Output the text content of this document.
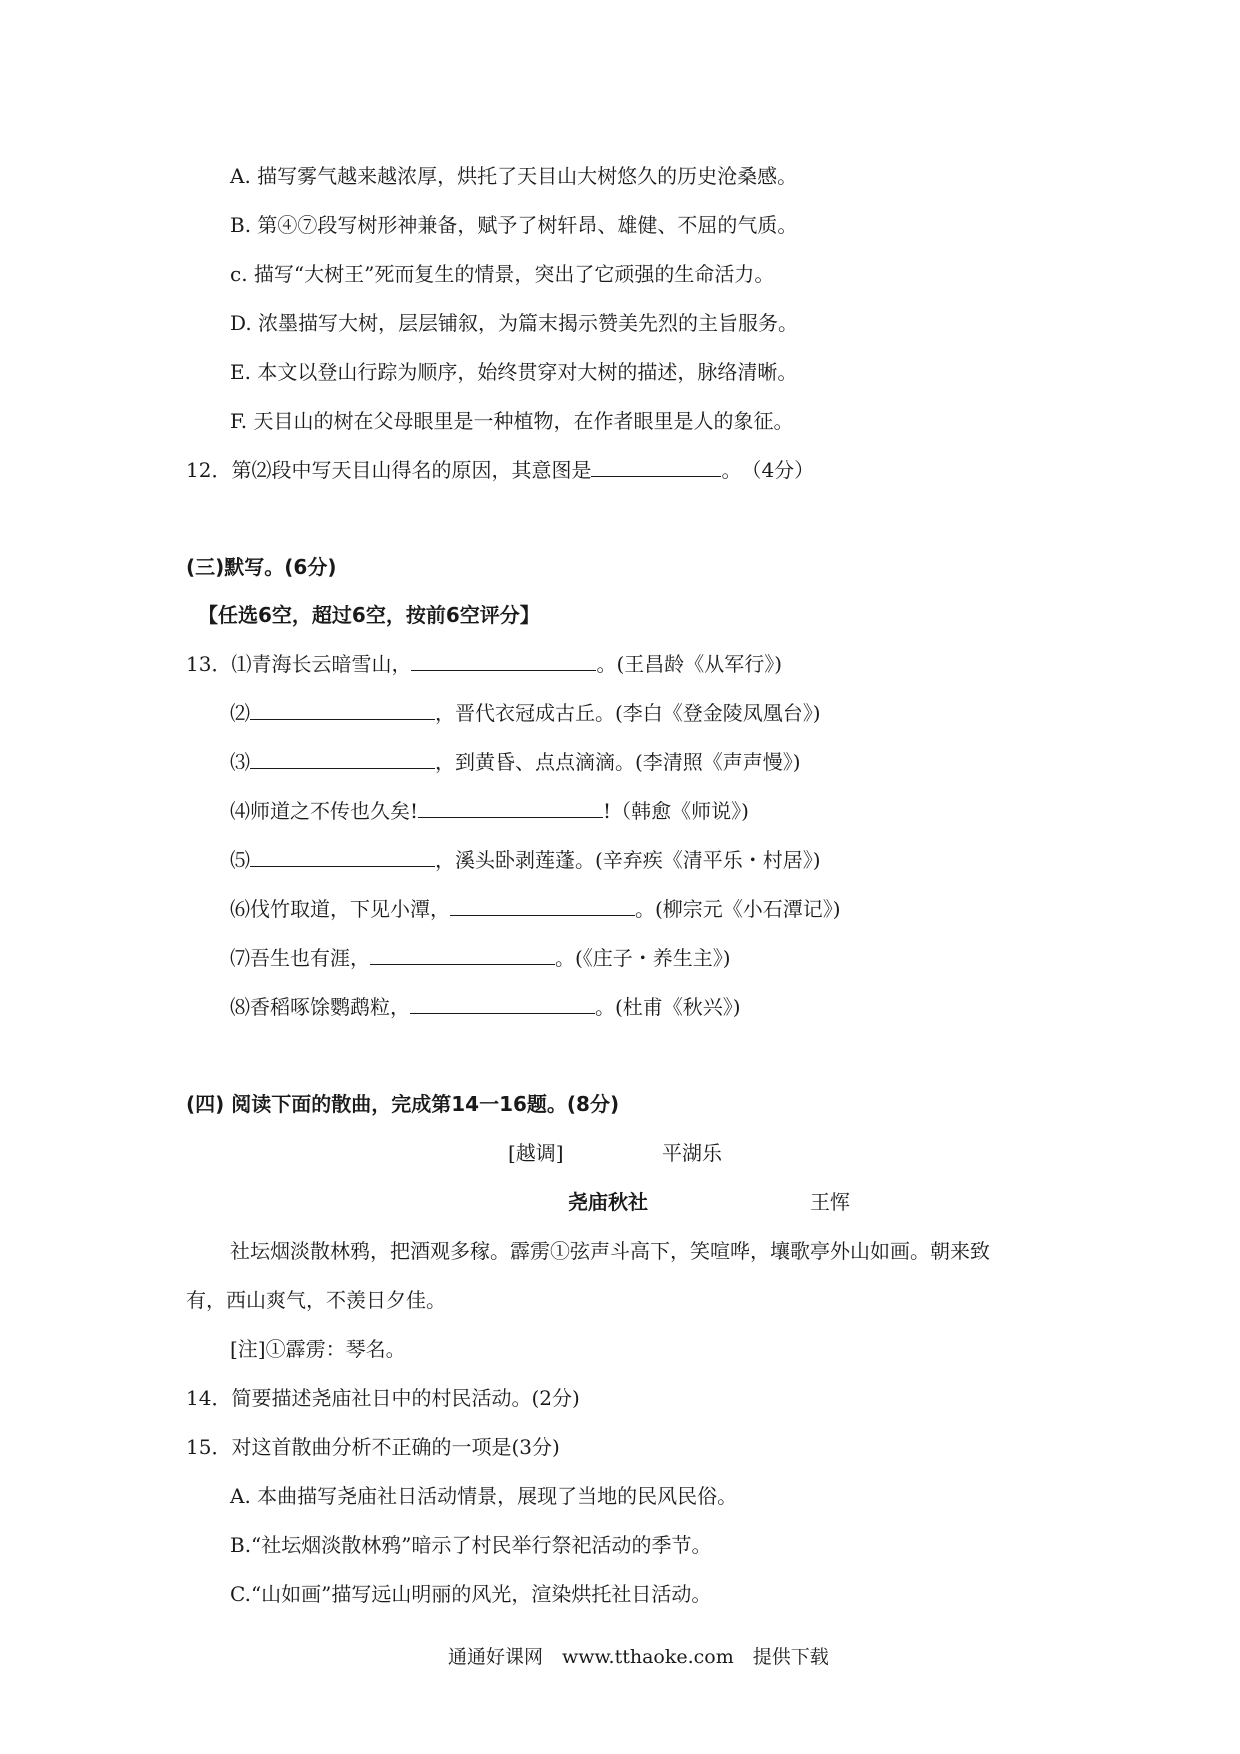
A. 描写雾气越来越浓厚，烘托了天目山大树悠久的历史沧桑感。
B. 第④⑦段写树形神兼备，赋予了树轩昂、雄健、不屈的气质。
c. 描写“大树王”死而复生的情景，突出了它顽强的生命活力。
D. 浓墨描写大树，层层铺叙，为篇末揭示赞美先烈的主旨服务。
E. 本文以登山行踪为顺序，始终贯穿对大树的描述，脉络清晰。
F. 天目山的树在父母眼里是一种植物，在作者眼里是人的象征。
12．第⑵段中写天目山得名的原因，其意图是	。　（4分）
(三)默写。(6分)
【任选6空，超过6空，按前6空评分】
13．⑴青海长云暗雪山，	。(王昌龄《从军行》)
⑵	，晋代衣冠成古丘。(李白《登金陵凤凰台》)
⑶	，到黄昏、点点滴滴。(李清照《声声慢》)
⑷师道之不传也久矣!	!（韩愈《师说》)
⑸	，溪头卧剥莲蓬。(辛弃疾《清平乐・村居》)
⑹伐竹取道，下见小潭，	。(柳宗元《小石潭记》)
⑺吾生也有涯，	。(《庄子・养生主》)
⑻香稻啄馀鹦鹉粒，	。(杜甫《秋兴》)
(四) 阅读下面的散曲，完成第14一16题。(8分)
[越调]	平湖乐
尧庙秋社	王恽
社坛烟淡散林鸦，把酒观多稼。霹雳①弦声斗高下，笑喧哗，壤歌亭外山如画。朝来致
有，西山爽气，不羡日夕佳。
[注]①霹雳：琴名。
14．简要描述尧庙社日中的村民活动。(2分)
15．对这首散曲分析不正确的一项是(3分)
A. 本曲描写尧庙社日活动情景，展现了当地的民风民俗。
B.“社坛烟淡散林鸦”暗示了村民举行祭祀活动的季节。
C.“山如画”描写远山明丽的风光，渲染烘托社日活动。
通通好课网　www.tthaoke.com　提供下载
